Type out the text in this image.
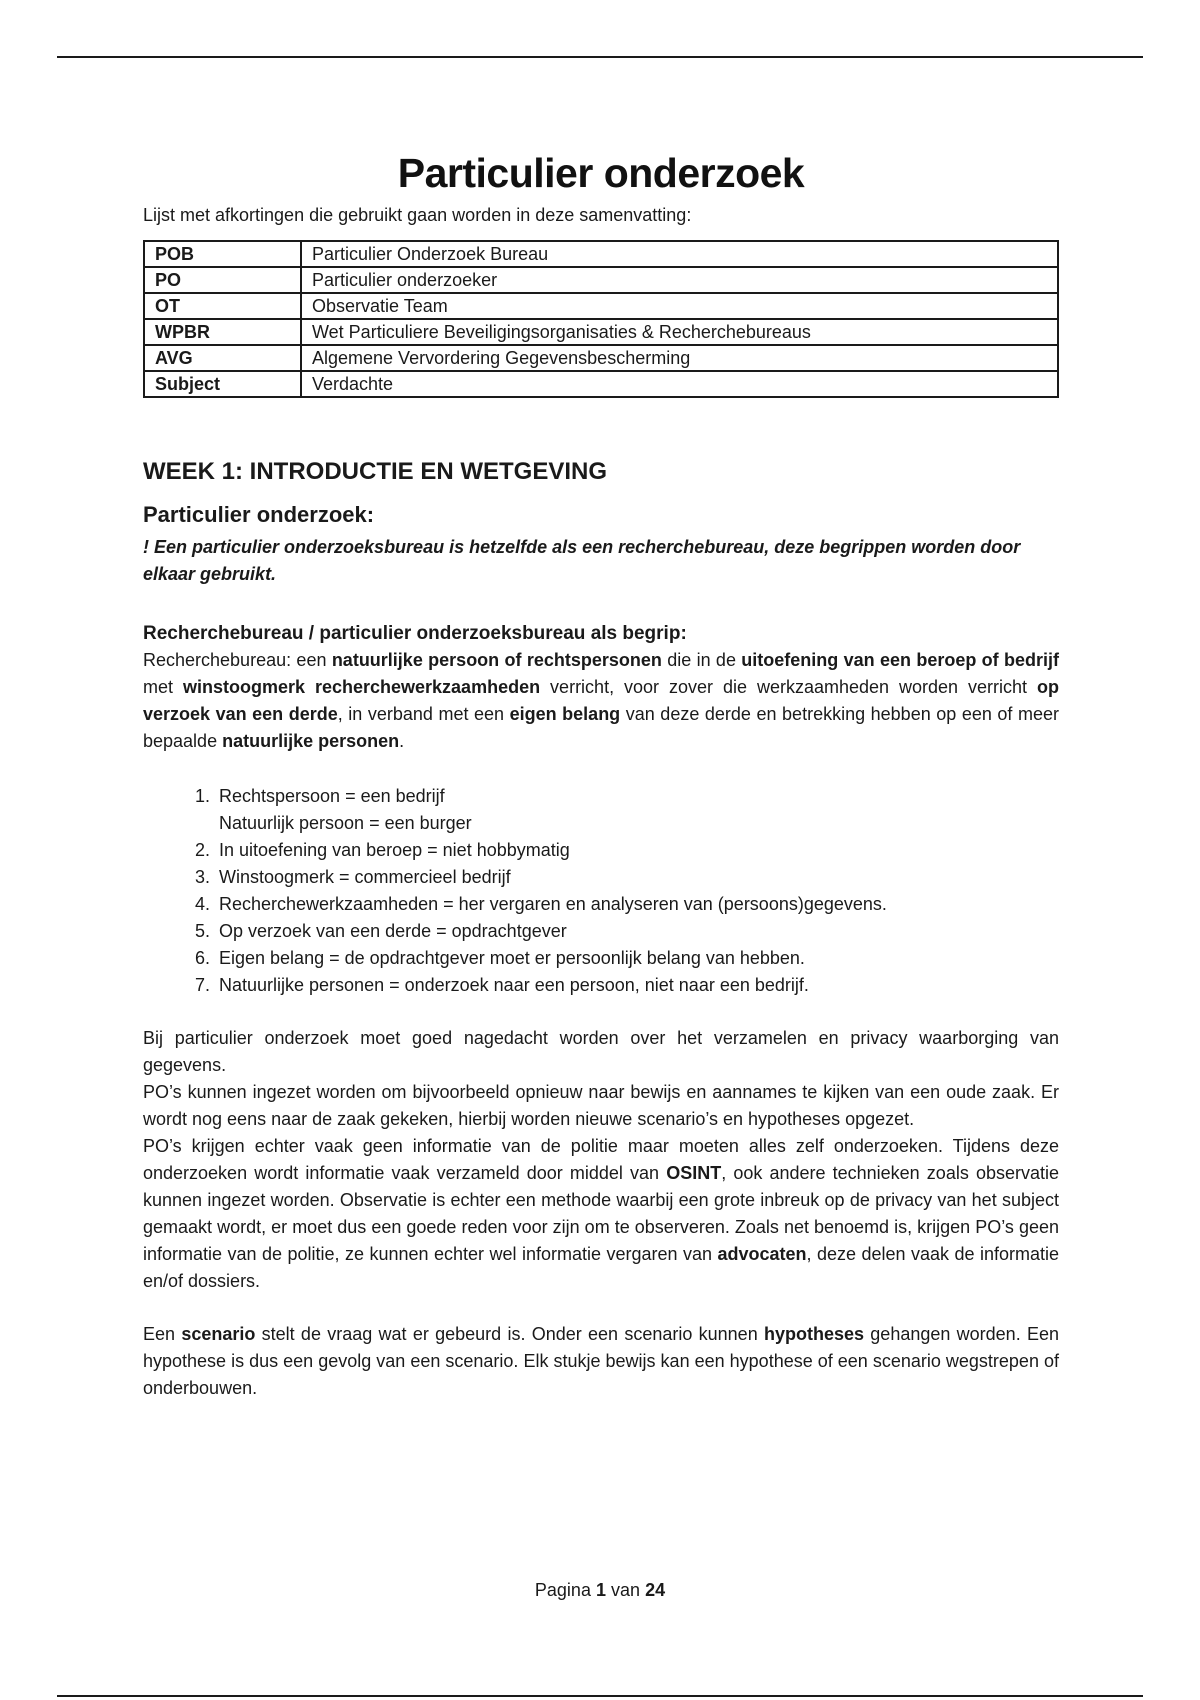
Particulier onderzoek

Lijst met afkortingen die gebruikt gaan worden in deze samenvatting:

POB	Particulier Onderzoek Bureau
PO	Particulier onderzoeker
OT	Observatie Team
WPBR	Wet Particuliere Beveiligingsorganisaties & Recherchebureaus
AVG	Algemene Vervordering Gegevensbescherming
Subject	Verdachte
WEEK 1: INTRODUCTIE EN WETGEVING
Particulier onderzoek:

! Een particulier onderzoeksbureau is hetzelfde als een recherchebureau, deze begrippen worden door elkaar gebruikt.

Recherchebureau / particulier onderzoeksbureau als begrip:

Recherchebureau: een natuurlijke persoon of rechtspersonen die in de uitoefening van een beroep of bedrijf met winstoogmerk recherchewerkzaamheden verricht, voor zover die werkzaamheden worden verricht op verzoek van een derde, in verband met een eigen belang van deze derde en betrekking hebben op een of meer bepaalde natuurlijke personen.

1. Rechtspersoon = een bedrijf
Natuurlijk persoon = een burger
2. In uitoefening van beroep = niet hobbymatig
3. Winstoogmerk = commercieel bedrijf
4. Recherchewerkzaamheden = her vergaren en analyseren van (persoons)gegevens.
5. Op verzoek van een derde = opdrachtgever
6. Eigen belang = de opdrachtgever moet er persoonlijk belang van hebben.
7. Natuurlijke personen = onderzoek naar een persoon, niet naar een bedrijf.

Bij particulier onderzoek moet goed nagedacht worden over het verzamelen en privacy waarborging van gegevens.

PO’s kunnen ingezet worden om bijvoorbeeld opnieuw naar bewijs en aannames te kijken van een oude zaak. Er wordt nog eens naar de zaak gekeken, hierbij worden nieuwe scenario’s en hypotheses opgezet.

PO’s krijgen echter vaak geen informatie van de politie maar moeten alles zelf onderzoeken. Tijdens deze onderzoeken wordt informatie vaak verzameld door middel van OSINT, ook andere technieken zoals observatie kunnen ingezet worden. Observatie is echter een methode waarbij een grote inbreuk op de privacy van het subject gemaakt wordt, er moet dus een goede reden voor zijn om te observeren. Zoals net benoemd is, krijgen PO’s geen informatie van de politie, ze kunnen echter wel informatie vergaren van advocaten, deze delen vaak de informatie en/of dossiers.

Een scenario stelt de vraag wat er gebeurd is. Onder een scenario kunnen hypotheses gehangen worden. Een hypothese is dus een gevolg van een scenario. Elk stukje bewijs kan een hypothese of een scenario wegstrepen of onderbouwen.

Pagina 1 van 24
